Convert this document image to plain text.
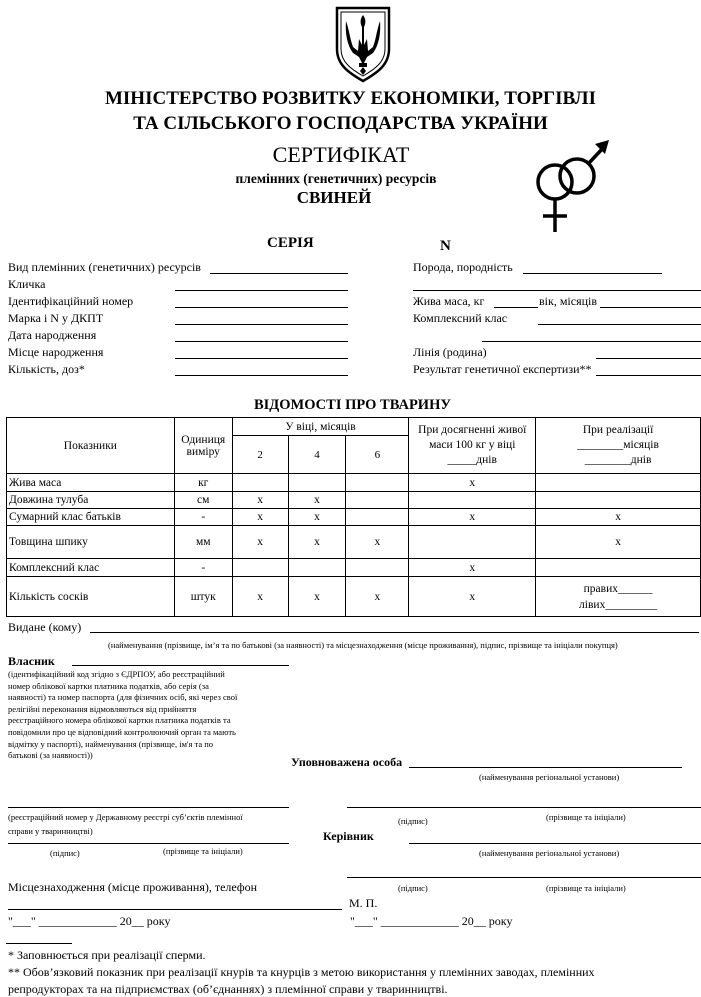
МІНІСТЕРСТВО РОЗВИТКУ ЕКОНОМІКИ, ТОРГІВЛІ
ТА СІЛЬСЬКОГО ГОСПОДАРСТВА УКРАЇНИ
СЕРТИФІКАТ
племінних (генетичних) ресурсів
СВИНЕЙ
СЕРІЯ	N
Вид племінних (генетичних) ресурсів
Кличка
Ідентифікаційний номер
Марка і N у ДКПТ
Дата народження
Місце народження
Кількість, доз*
Порода, породність
Жива маса, кг	вік, місяців
Комплексний клас
Лінія (родина)
Результат генетичної експертизи**
ВІДОМОСТІ ПРО ТВАРИНУ
Показники	Одиниця
виміру	У віці, місяців			При досягненні живої
маси 100 кг у віці
_____днів	При реалізації
________місяців
________днів
		2	4	6		
Жива маса	кг				х	
Довжина тулуба	см	х	х			
Сумарний клас батьків	-	х	х		х	х
Товщина шпику	мм	х	х	х		х
Комплексний клас	-				х	
Кількість сосків	штук	х	х	х	х	правих______
лівих_________
Видане (кому)
(найменування (прізвище, ім’я та по батькові (за наявності) та місцезнаходження (місце проживання), підпис, прізвище та ініціали покупця)
Власник
(ідентифікаційний код згідно з ЄДРПОУ, або реєстраційний
номер облікової картки платника податків, або серія (за
наявності) та номер паспорта (для фізичних осіб, які через свої
релігійні переконання відмовляються від прийняття
реєстраційного номера облікової картки платника податків та
повідомили про це відповідний контролюючий орган та мають
відмітку у паспорті), найменування (прізвище, ім'я та по
батькові (за наявності))	Уповноважена особа
(найменування регіональної установи)
(реєстраційний номер у Державному реєстрі суб’єктів племінної
справи у тваринництві)
(підпис)	(прізвище та ініціали)
Керівник
(підпис)	(прізвище та ініціали)	(найменування регіональної установи)
Місцезнаходження (місце проживання), телефон	(підпис)	(прізвище та ініціали)
М. П.
"___" _____________ 20__ року	"___" _____________ 20__ року
* Заповнюється при реалізації сперми.
** Обов’язковий показник при реалізації кнурів та кнурців з метою використання у племінних заводах, племінних
репродукторах та на підприємствах (об’єднаннях) з племінної справи у тваринництві.
